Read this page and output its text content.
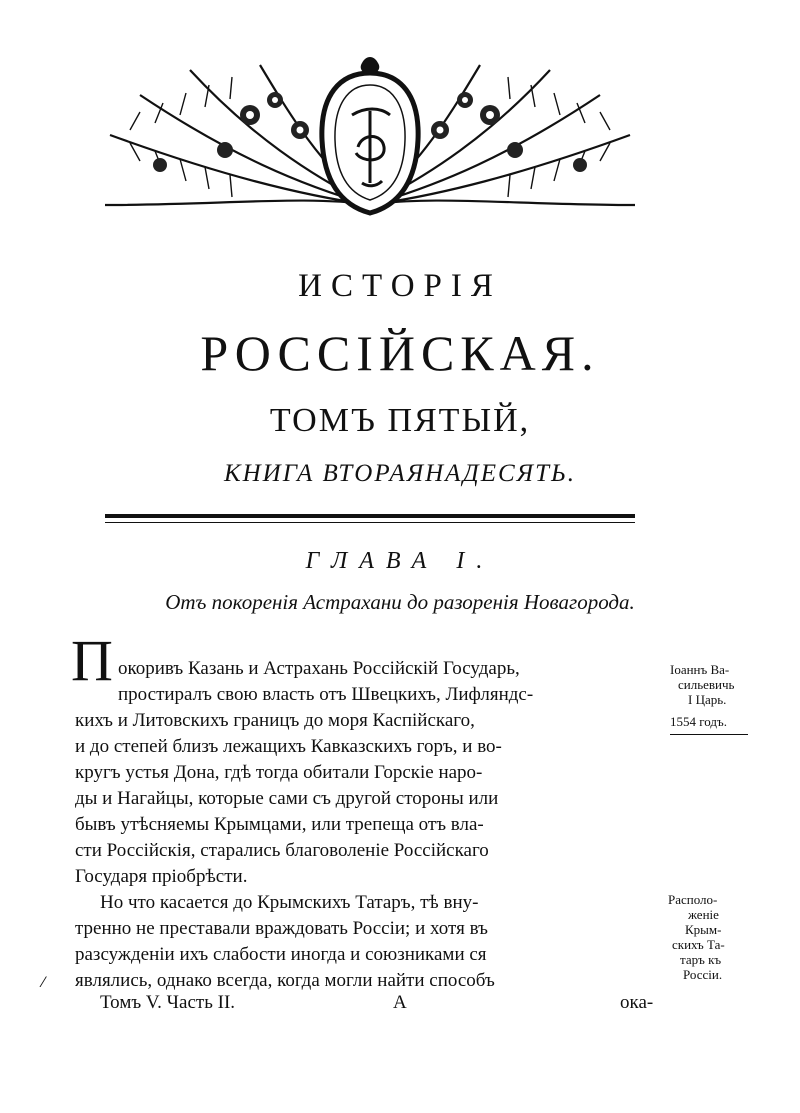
ИСТОРІЯ
РОССІЙСКАЯ.
ТОМЪ ПЯТЫЙ,
КНИГА ВТОРАЯНАДЕСЯТЬ.
ГЛАВА I.
Отъ покоренія Астрахани до разоренія Новагорода.
П окоривъ Казань и Астрахань Россійскій Государь,
простиралъ свою власть отъ Швецкихъ, Лифляндс-
кихъ и Литовскихъ границъ до моря Каспійскаго,
и до степей близъ лежащихъ Кавказскихъ горъ, и во-
кругъ устья Дона, гдѣ тогда обитали Горскіе наро-
ды и Нагайцы, которые сами съ другой стороны или
бывъ утѣсняемы Крымцами, или трепеща отъ вла-
сти Россійскія, старались благоволеніе Россійскаго
Государя пріобрѣсти.
Но что касается до Крымскихъ Татаръ, тѣ вну-
тренно не преставали враждовать Россіи; и хотя въ
разсужденіи ихъ слабости иногда и союзниками ся
являлись, однако всегда, когда могли найти способъ
Іоаннъ Ва-
сильевичь
I Царь.
1554 годъ.
Располо-
женіе
Крым-
скихъ Та-
таръ къ
Россіи.
Томъ V. Часть II.	А	ока-
⁄
